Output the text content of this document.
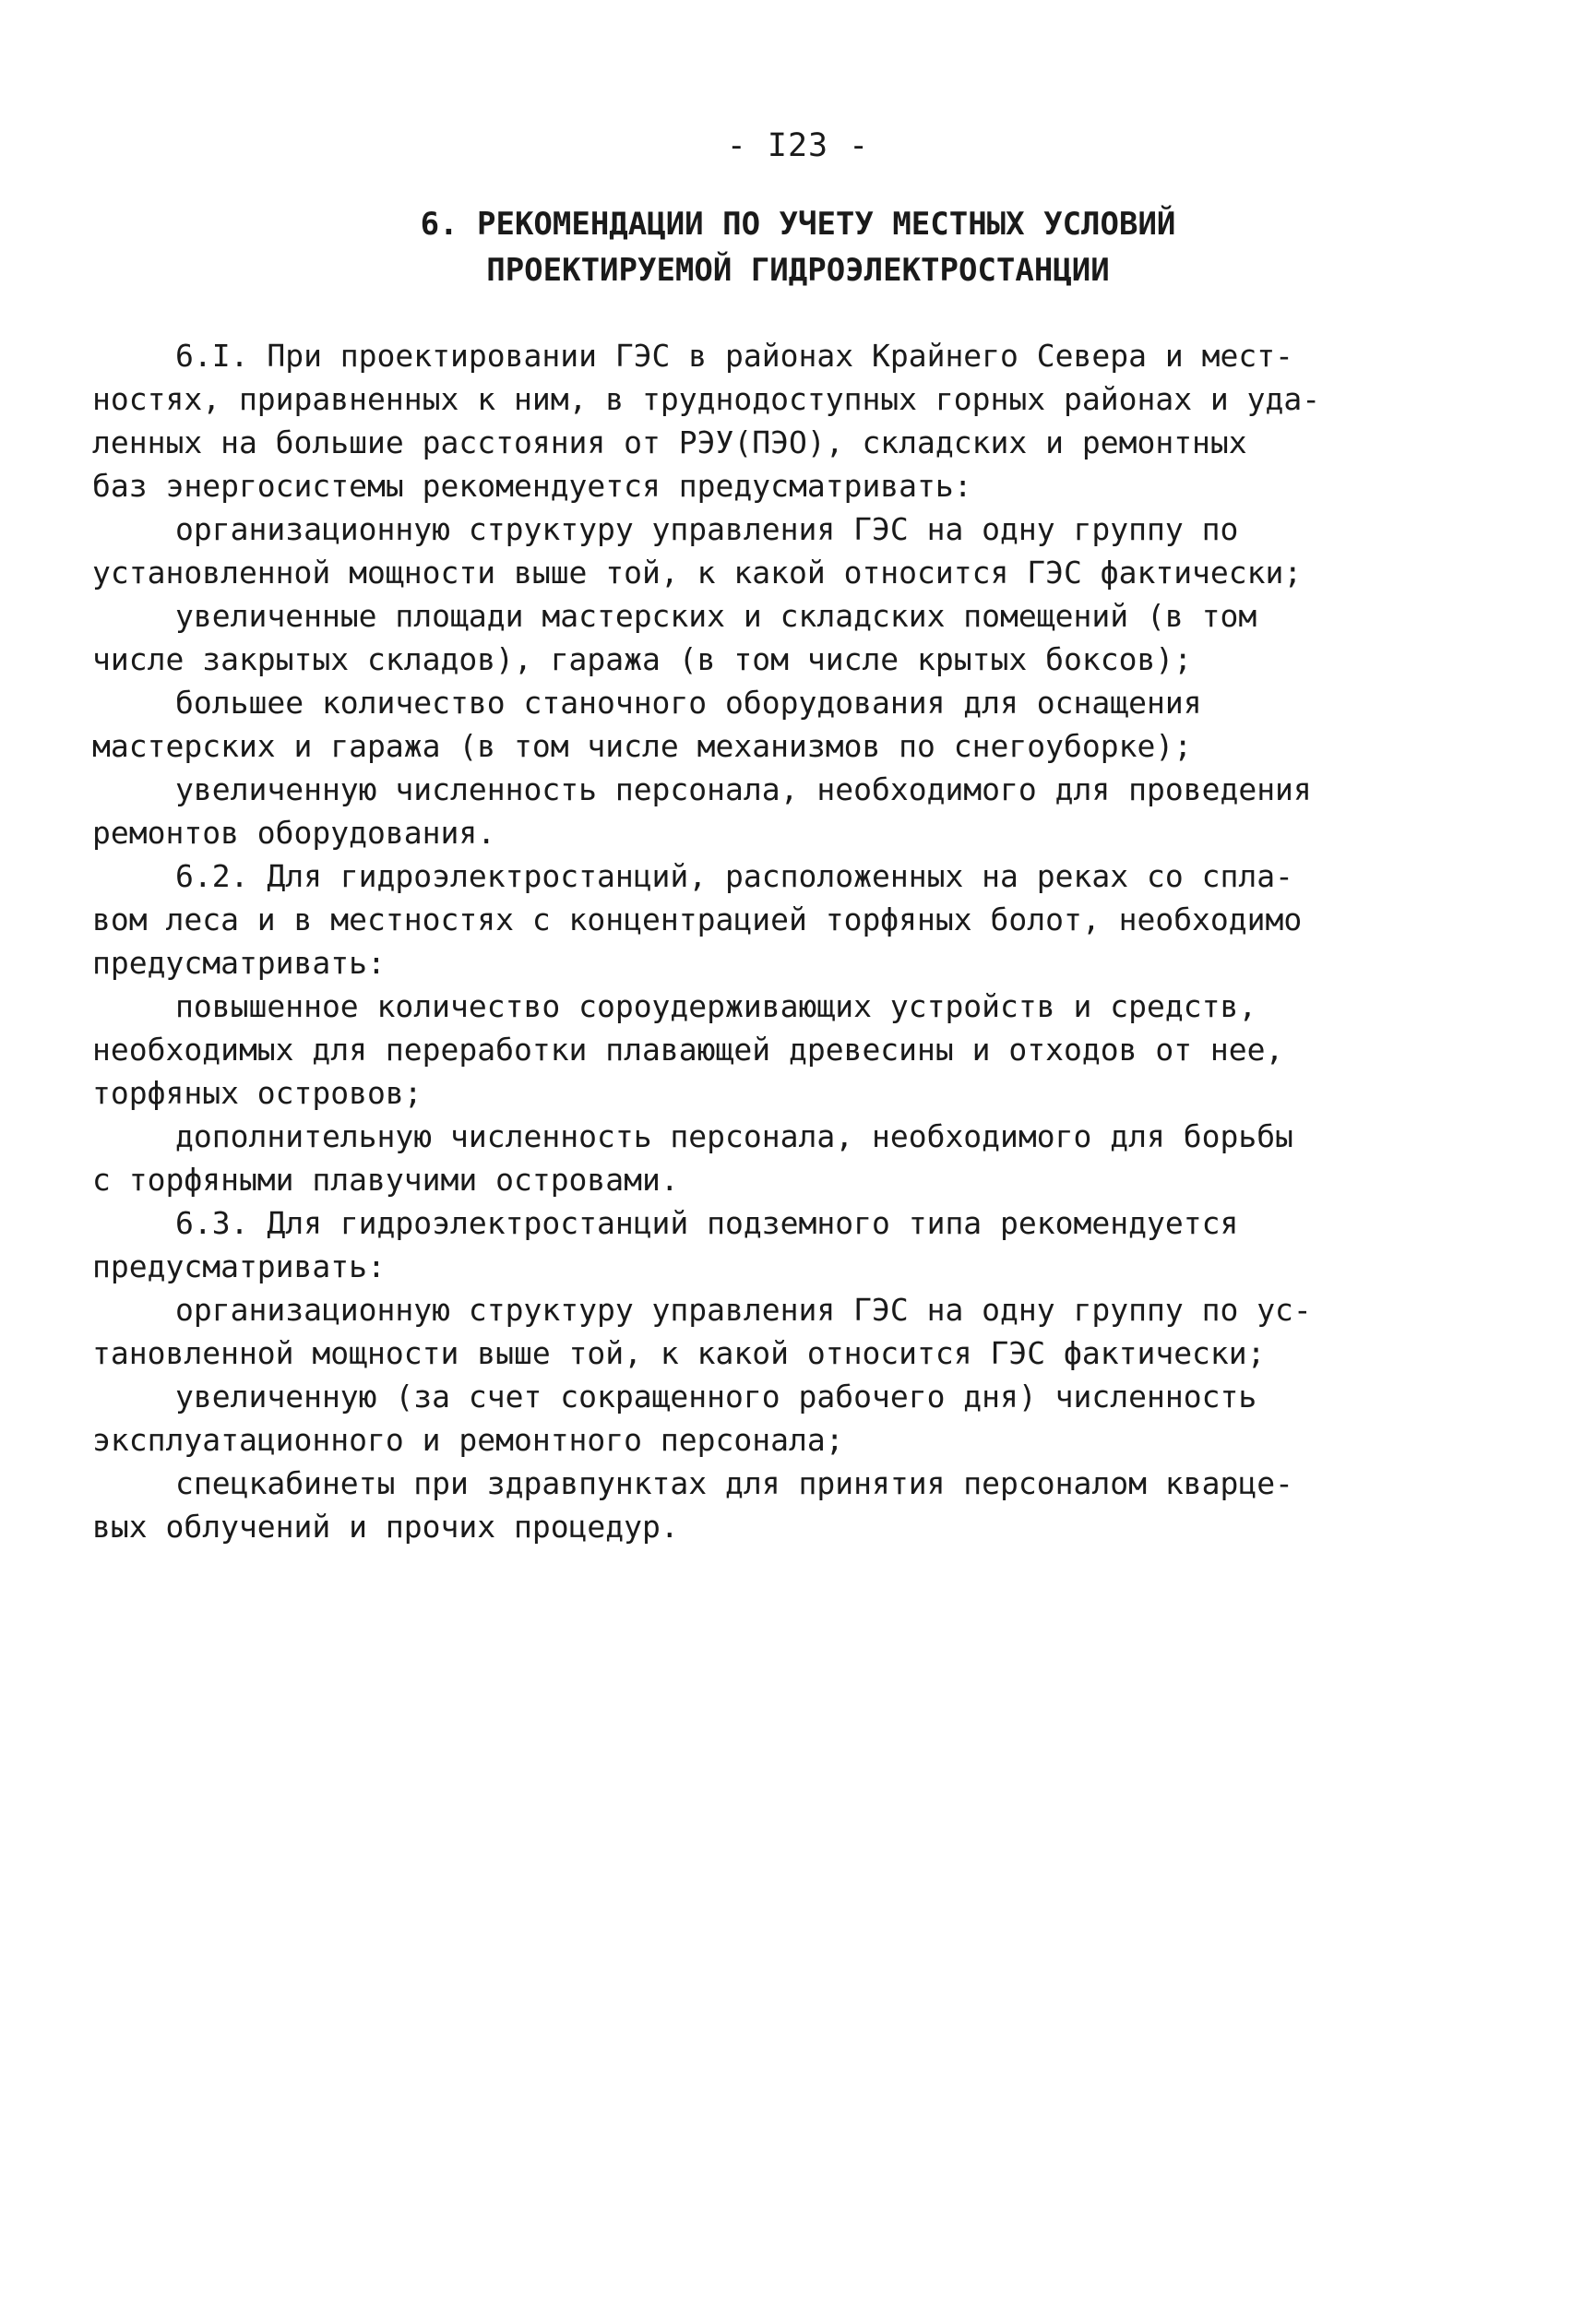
- I23 -
6. РЕКОМЕНДАЦИИ ПО УЧЕТУ МЕСТНЫХ УСЛОВИЙ
ПРОЕКТИРУЕМОЙ ГИДРОЭЛЕКТРОСТАНЦИИ
6.I. При проектировании ГЭС в районах Крайнего Севера и мест-
ностях, приравненных к ним, в труднодоступных горных районах и уда-
ленных на большие расстояния от РЭУ(ПЭО), складских и ремонтных
баз энергосистемы рекомендуется предусматривать:
организационную структуру управления ГЭС на одну группу по
установленной мощности выше той, к какой относится ГЭС фактически;
увеличенные площади мастерских и складских помещений (в том
числе закрытых складов), гаража (в том числе крытых боксов);
большее количество станочного оборудования для оснащения
мастерских и гаража (в том числе механизмов по снегоуборке);
увеличенную численность персонала, необходимого для проведения
ремонтов оборудования.
6.2. Для гидроэлектростанций, расположенных на реках со спла-
вом леса и в местностях с концентрацией торфяных болот, необходимо
предусматривать:
повышенное количество сороудерживающих устройств и средств,
необходимых для переработки плавающей древесины и отходов от нее,
торфяных островов;
дополнительную численность персонала, необходимого для борьбы
с торфяными плавучими островами.
6.3. Для гидроэлектростанций подземного типа рекомендуется
предусматривать:
организационную структуру управления ГЭС на одну группу по ус-
тановленной мощности выше той, к какой относится ГЭС фактически;
увеличенную (за счет сокращенного рабочего дня) численность
эксплуатационного и ремонтного персонала;
спецкабинеты при здравпунктах для принятия персоналом кварце-
вых облучений и прочих процедур.
